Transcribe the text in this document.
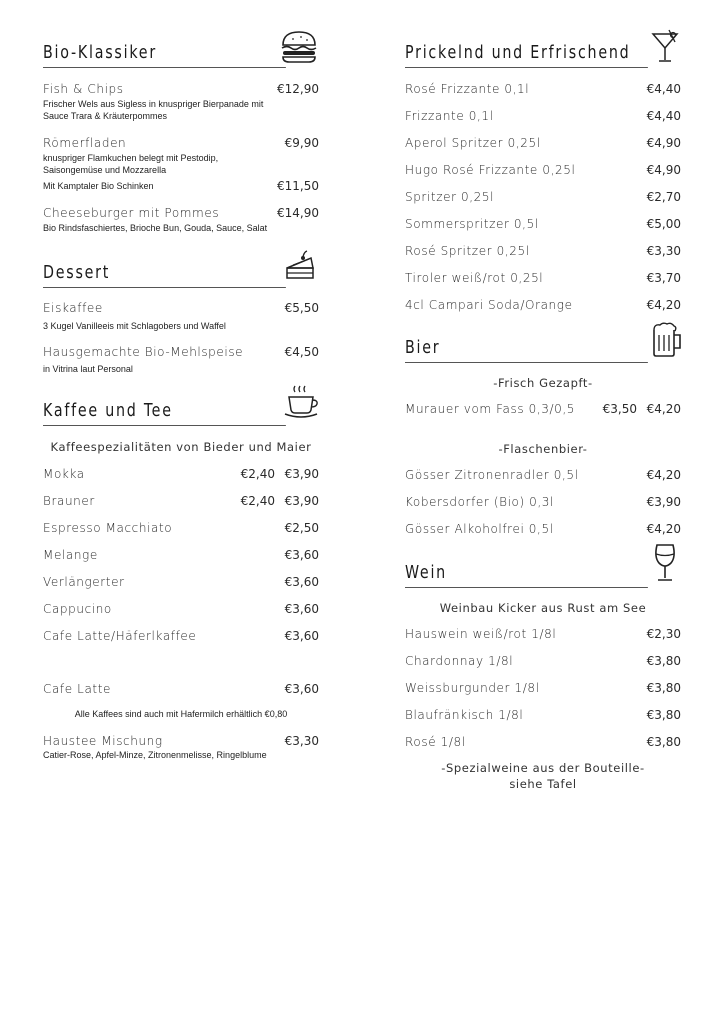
Bio-Klassiker
Fish & Chips	€12,90
Frischer Wels aus Sigless in knuspriger Bierpanade mit
Sauce Trara & Kräuterpommes
Römerfladen	€9,90
knuspriger Flamkuchen belegt mit Pestodip,
Saisongemüse und Mozzarella
Mit Kamptaler Bio Schinken	€11,50
Cheeseburger mit Pommes	€14,90
Bio Rindsfaschiertes, Brioche Bun, Gouda, Sauce, Salat
Dessert
Eiskaffee	€5,50
3 Kugel Vanilleeis mit Schlagobers und Waffel
Hausgemachte Bio-Mehlspeise	€4,50
in Vitrina laut Personal
Kaffee und Tee
Kaffeespezialitäten von Bieder und Maier
Mokka	€2,40 €3,90
Brauner	€2,40 €3,90
Espresso Macchiato	€2,50
Melange	€3,60
Verlängerter	€3,60
Cappucino	€3,60
Cafe Latte/Häferlkaffee	€3,60
Cafe Latte	€3,60
Alle Kaffees sind auch mit Hafermilch erhältlich €0,80
Haustee Mischung	€3,30
Catier-Rose, Apfel-Minze, Zitronenmelisse, Ringelblume
Prickelnd und Erfrischend
Rosé Frizzante 0,1l	€4,40
Frizzante 0,1l	€4,40
Aperol Spritzer 0,25l	€4,90
Hugo Rosé Frizzante 0,25l	€4,90
Spritzer 0,25l	€2,70
Sommerspritzer 0,5l	€5,00
Rosé Spritzer 0,25l	€3,30
Tiroler weiß/rot 0,25l	€3,70
4cl Campari Soda/Orange	€4,20
Bier
-Frisch Gezapft-
Murauer vom Fass 0,3/0,5 €3,50 €4,20
-Flaschenbier-
Gösser Zitronenradler 0,5l	€4,20
Kobersdorfer (Bio) 0,3l	€3,90
Gösser Alkoholfrei 0,5l	€4,20
Wein
Weinbau Kicker aus Rust am See
Hauswein weiß/rot 1/8l	€2,30
Chardonnay 1/8l	€3,80
Weissburgunder 1/8l	€3,80
Blaufränkisch 1/8l	€3,80
Rosé 1/8l	€3,80
-Spezialweine aus der Bouteille-
siehe Tafel
